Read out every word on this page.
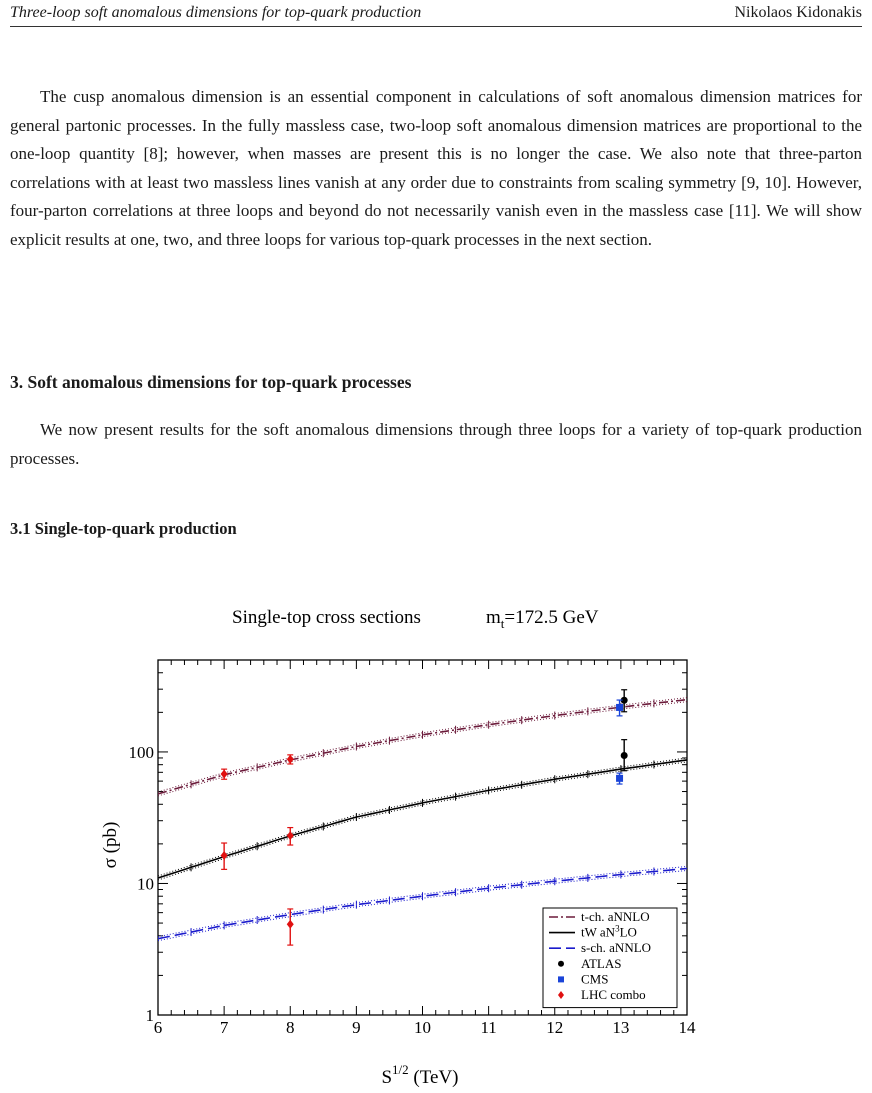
Three-loop soft anomalous dimensions for top-quark production	Nikolaos Kidonakis

The cusp anomalous dimension is an essential component in calculations of soft anomalous dimension matrices for general partonic processes. In the fully massless case, two-loop soft anomalous dimension matrices are proportional to the one-loop quantity [8]; however, when masses are present this is no longer the case. We also note that three-parton correlations with at least two massless lines vanish at any order due to constraints from scaling symmetry [9, 10]. However, four-parton correlations at three loops and beyond do not necessarily vanish even in the massless case [11]. We will show explicit results at one, two, and three loops for various top-quark processes in the next section.

3. Soft anomalous dimensions for top-quark processes

We now present results for the soft anomalous dimensions through three loops for a variety of top-quark production processes.

3.1 Single-top-quark production
Single-top cross sections	$m_t=172.5$ GeV
6	7	8	9	10	11	12	13	14
1
10
100
t-ch. aNNLO
tW $aN^3LO$
s-ch. aNNLO
ATLAS
CMS
LHC combo
$S^{1/2}$ (TeV)
σ (pb)
